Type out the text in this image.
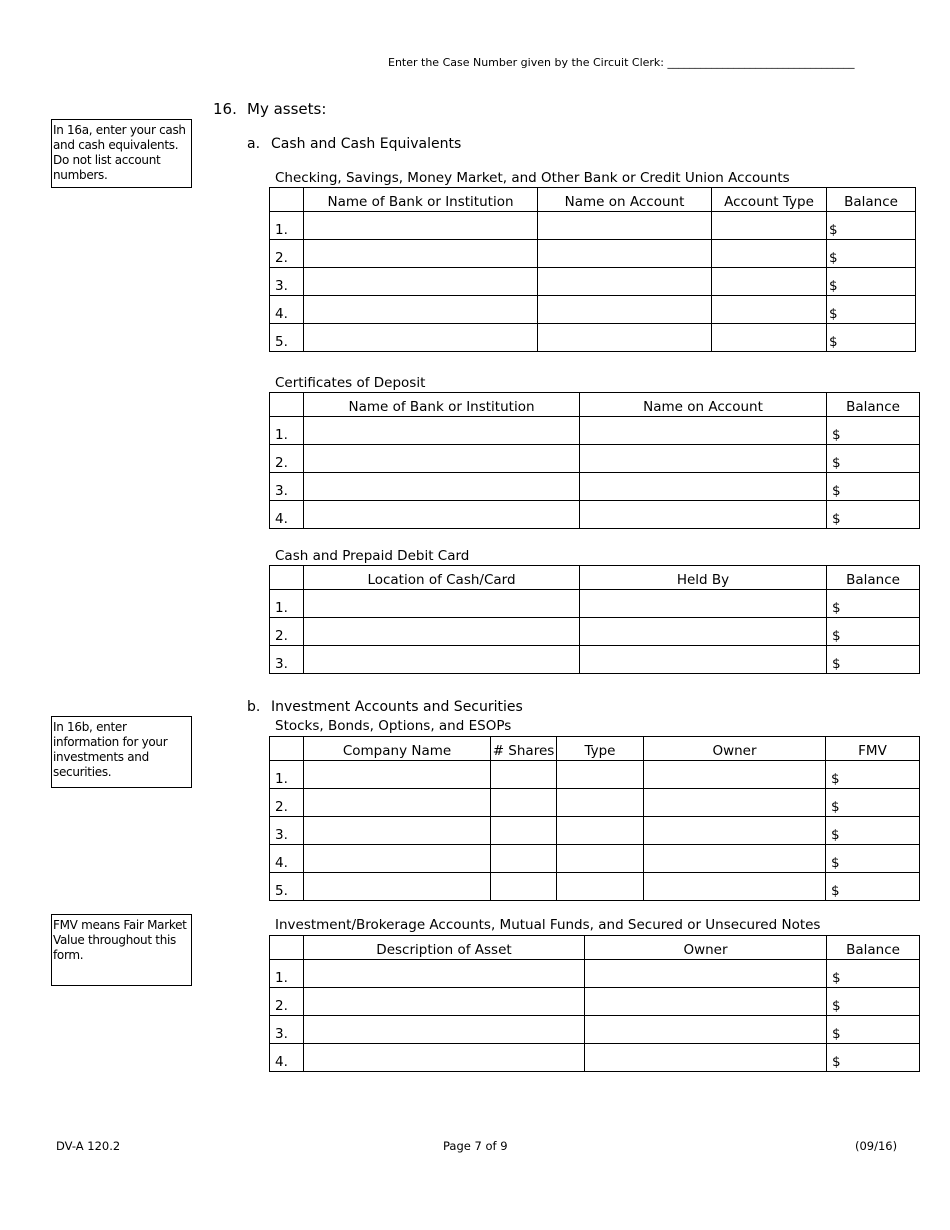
Enter the Case Number given by the Circuit Clerk: __________________________________
16. My assets:
In 16a, enter your cash and cash equivalents. Do not list account numbers.
In 16b, enter information for your investments and securities.
FMV means Fair Market Value throughout this form.
a. Cash and Cash Equivalents
Checking, Savings, Money Market, and Other Bank or Credit Union Accounts
	Name of Bank or Institution	Name on Account	Account Type	Balance
1.				$
2.				$
3.				$
4.				$
5.				$
Certificates of Deposit
	Name of Bank or Institution	Name on Account	Balance
1.			$
2.			$
3.			$
4.			$
Cash and Prepaid Debit Card
	Location of Cash/Card	Held By	Balance
1.			$
2.			$
3.			$
b. Investment Accounts and Securities
Stocks, Bonds, Options, and ESOPs
	Company Name	# Shares	Type	Owner	FMV
1.					$
2.					$
3.					$
4.					$
5.					$
Investment/Brokerage Accounts, Mutual Funds, and Secured or Unsecured Notes
	Description of Asset	Owner	Balance
1.			$
2.			$
3.			$
4.			$
DV-A 120.2	Page 7 of 9	(09/16)
